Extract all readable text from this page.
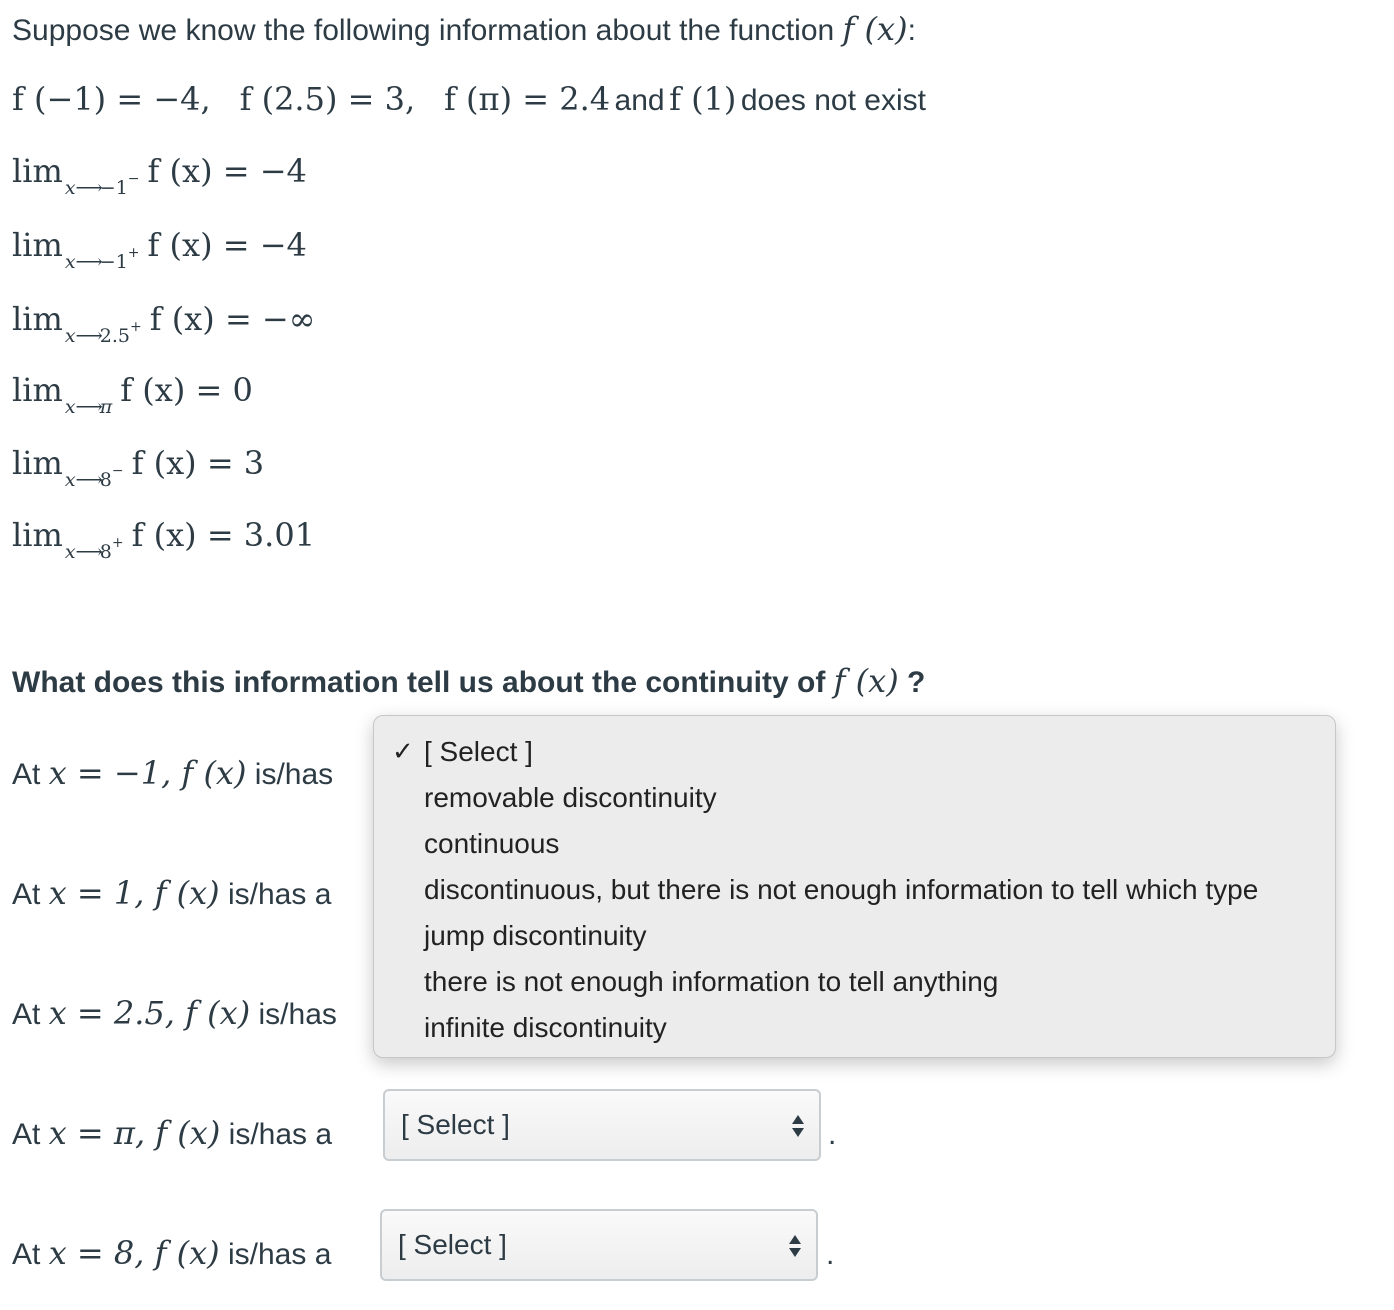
Suppose we know the following information about the function f (x):
f (−1) = −4, f (2.5) = 3, f (π) = 2.4 and f (1) does not exist
lim $_{x⟶-1^-}$ f (x) = −4
lim $_{x⟶-1^+}$ f (x) = −4
lim $_{x⟶2.5^+}$ f (x) = −∞
lim $_{x⟶\pi}$ f (x) = 0
lim $_{x⟶8^-}$ f (x) = 3
lim $_{x⟶8^+}$ f (x) = 3.01
What does this information tell us about the continuity of f (x) ?
At x = −1, f (x) is/has
At x = 1, f (x) is/has a
At x = 2.5, f (x) is/has
At x = π, f (x) is/has a	[ Select ]	.
At x = 8, f (x) is/has a	[ Select ]	.
✓ [ Select ]
removable discontinuity
continuous
discontinuous, but there is not enough information to tell which type
jump discontinuity
there is not enough information to tell anything
infinite discontinuity
